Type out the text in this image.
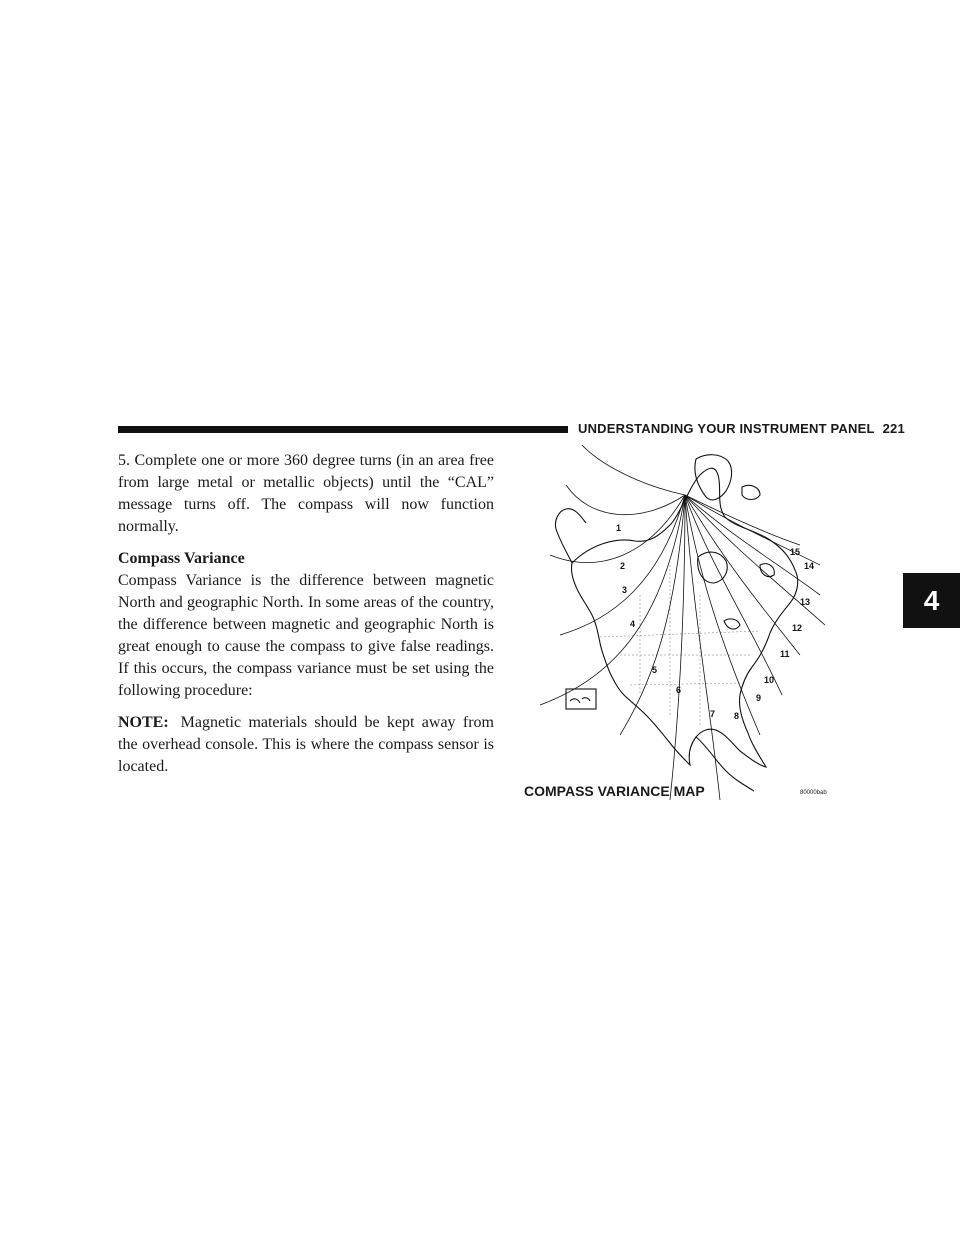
UNDERSTANDING YOUR INSTRUMENT PANEL 221
4

5. Complete one or more 360 degree turns (in an area free from large metal or metallic objects) until the “CAL” message turns off. The compass will now function normally.

Compass Variance

Compass Variance is the difference between magnetic North and geographic North. In some areas of the country, the difference between magnetic and geographic North is great enough to cause the compass to give false readings. If this occurs, the compass variance must be set using the following procedure:

NOTE: Magnetic materials should be kept away from the overhead console. This is where the compass sensor is located.

1
2
3
4
5
6
7 8
9
10
11
12
13
14
15
COMPASS VARIANCE MAP	80000bab
